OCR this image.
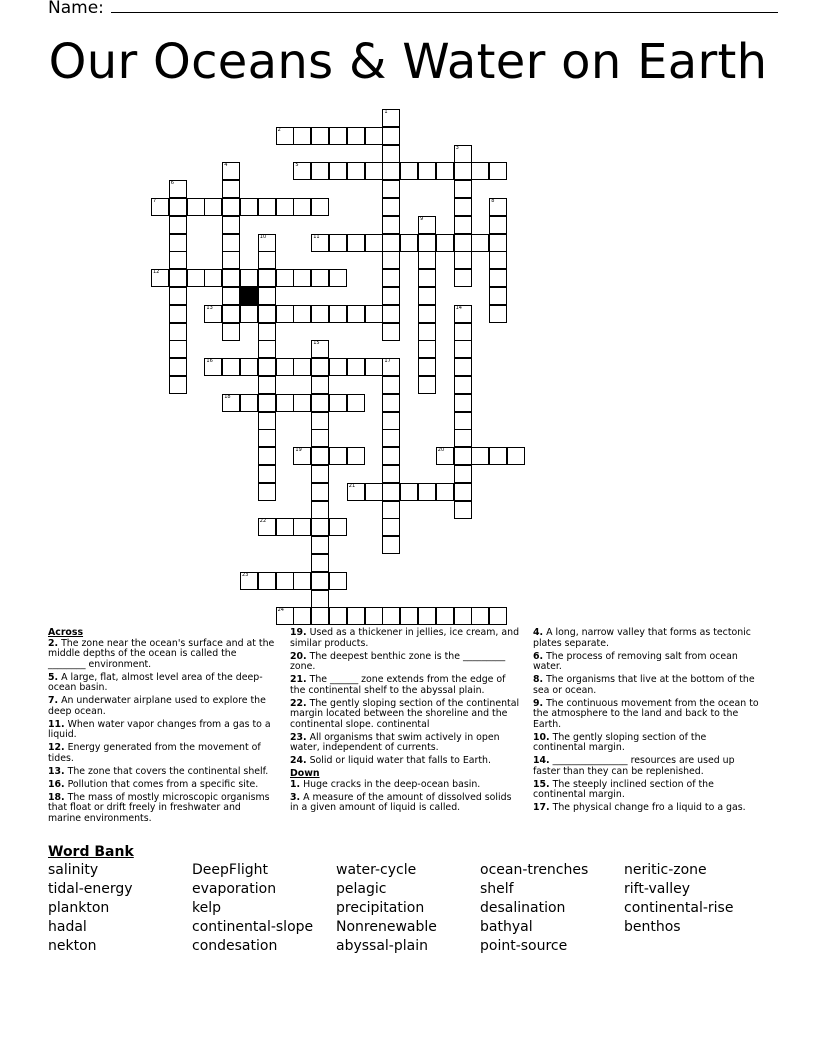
Name:
Our Oceans & Water on Earth
2
5
7
11
12
13
16	17
18
19	20
21
22
23
24
1
3
4
6
8
9
10
14
15

Across

2. The zone near the ocean's surface and at the middle depths of the ocean is called the ________ environment.

5. A large, flat, almost level area of the deep-ocean basin.

7. An underwater airplane used to explore the deep ocean.

11. When water vapor changes from a gas to a liquid.

12. Energy generated from the movement of tides.

13. The zone that covers the continental shelf.

16. Pollution that comes from a specific site.

18. The mass of mostly microscopic organisms that float or drift freely in freshwater and marine environments.

19. Used as a thickener in jellies, ice cream, and similar products.

20. The deepest benthic zone is the _________ zone.

21. The ______ zone extends from the edge of the continental shelf to the abyssal plain.

22. The gently sloping section of the continental margin located between the shoreline and the continental slope. continental

23. All organisms that swim actively in open water, independent of currents.

24. Solid or liquid water that falls to Earth.

Down

1. Huge cracks in the deep-ocean basin.

3. A measure of the amount of dissolved solids in a given amount of liquid is called.

4. A long, narrow valley that forms as tectonic plates separate.

6. The process of removing salt from ocean water.

8. The organisms that live at the bottom of the sea or ocean.

9. The continuous movement from the ocean to the atmosphere to the land and back to the Earth.

10. The gently sloping section of the continental margin.

14. ________________ resources are used up faster than they can be replenished.

15. The steeply inclined section of the continental margin.

17. The physical change fro a liquid to a gas.

Word Bank
salinity	DeepFlight	water-cycle	ocean-trenches	neritic-zone
tidal-energy	evaporation	pelagic	shelf	rift-valley
plankton	kelp	precipitation	desalination	continental-rise
hadal	continental-slope	Nonrenewable	bathyal	benthos
nekton	condesation	abyssal-plain	point-source
